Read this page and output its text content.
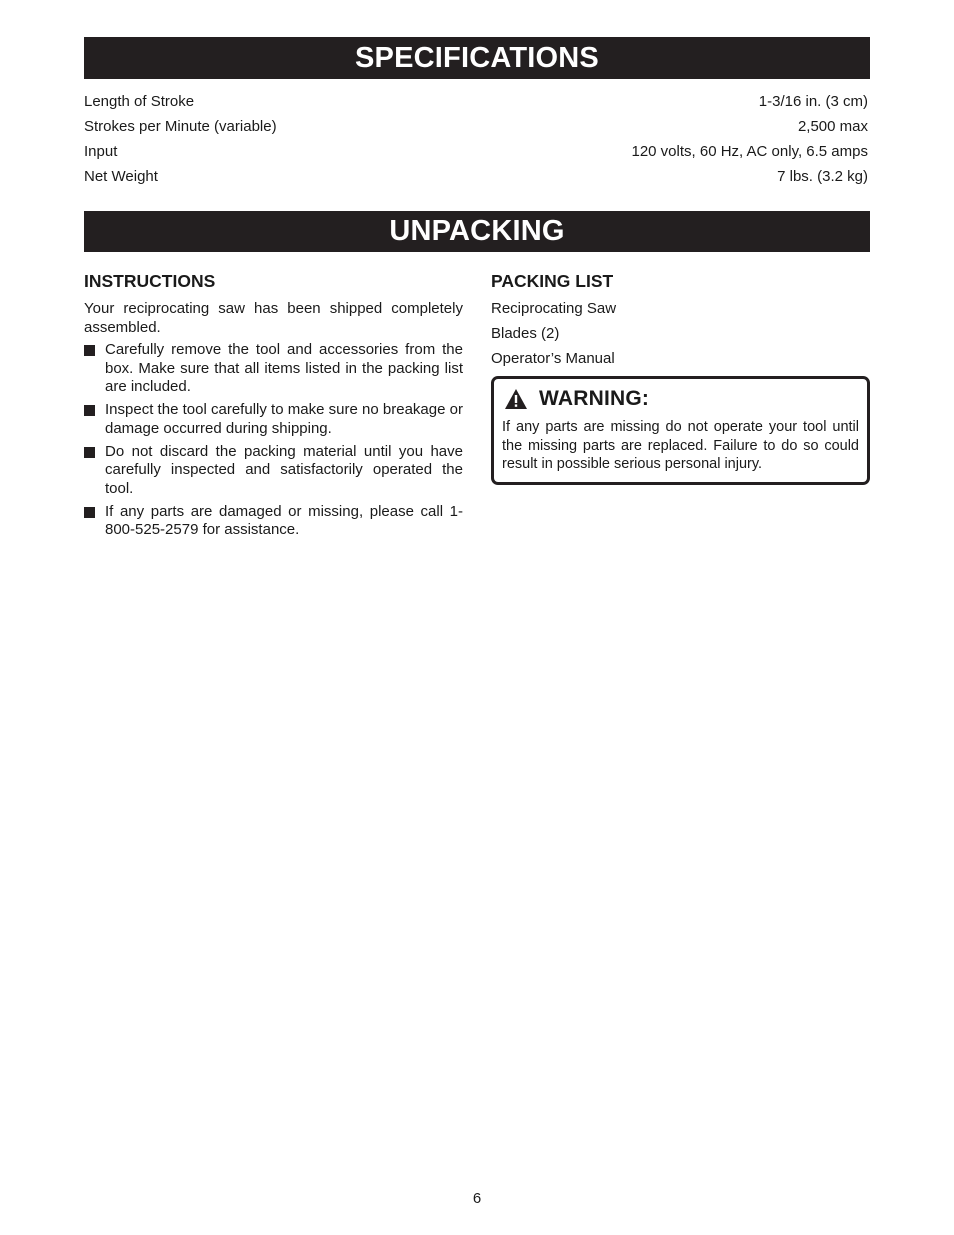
SPECIFICATIONS
Length of Stroke	1-3/16 in. (3 cm)
Strokes per Minute (variable)	2,500 max
Input	120 volts, 60 Hz, AC only, 6.5 amps
Net Weight	7 lbs. (3.2 kg)
UNPACKING
INSTRUCTIONS

Your reciprocating saw has been shipped completely assembled.

Carefully remove the tool and accessories from the box. Make sure that all items listed in the packing list are included.
Inspect the tool carefully to make sure no breakage or damage occurred during shipping.
Do not discard the packing material until you have carefully inspected and satisfactorily operated the tool.
If any parts are damaged or missing, please call 1-800-525-2579 for assistance.
PACKING LIST
Reciprocating Saw
Blades (2)
Operator’s Manual
WARNING:

If any parts are missing do not operate your tool until the missing parts are replaced. Failure to do so could result in possible serious personal injury.

6
